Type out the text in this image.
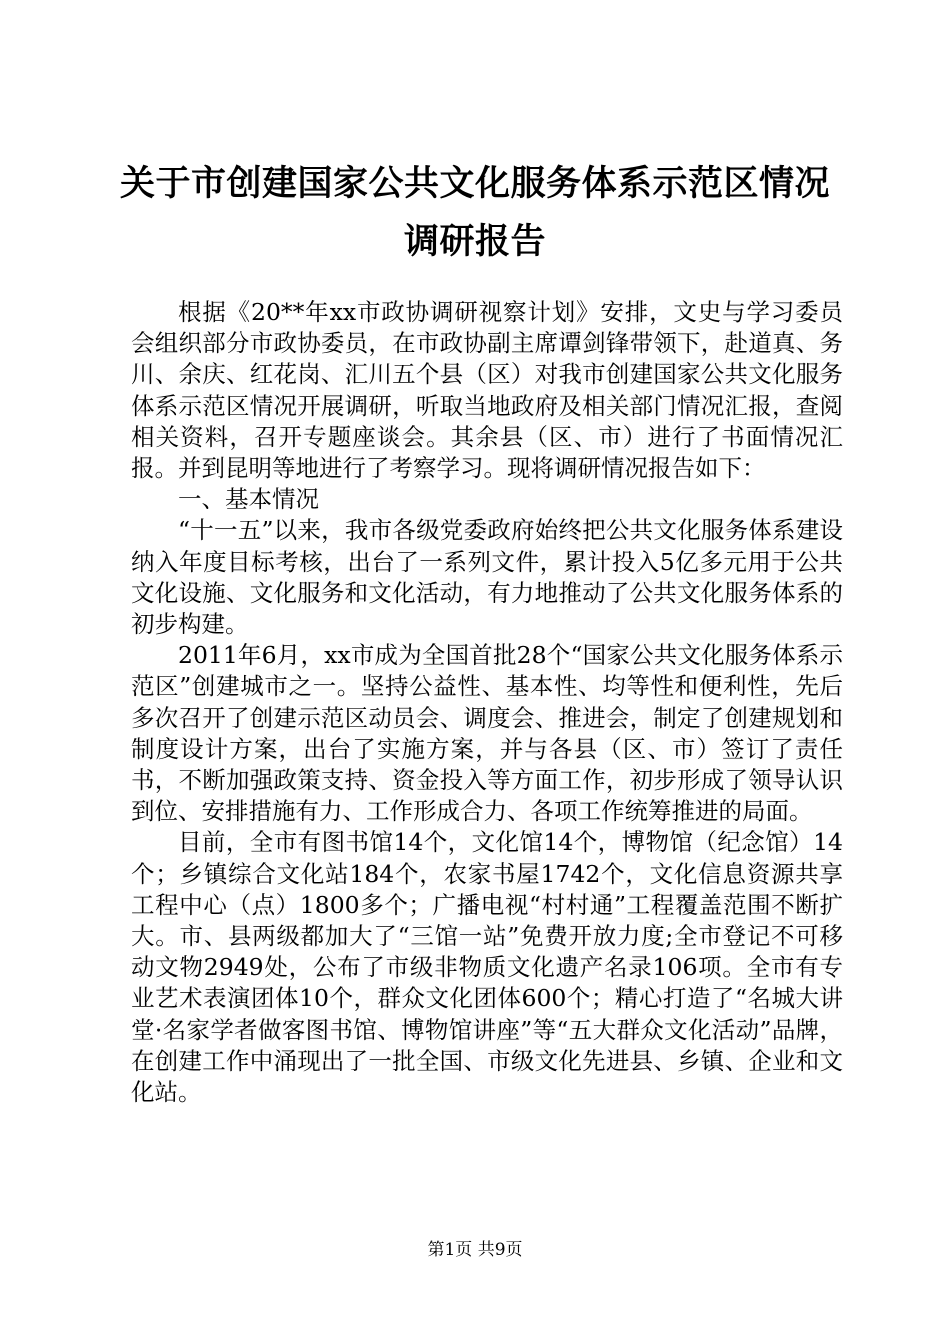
关于市创建国家公共文化服务体系示范区情况
调研报告

根据《20**年xx市政协调研视察计划》安排，文史与学习委员会组织部分市政协委员，在市政协副主席谭剑锋带领下，赴道真、务川、余庆、红花岗、汇川五个县（区）对我市创建国家公共文化服务体系示范区情况开展调研，听取当地政府及相关部门情况汇报，查阅相关资料，召开专题座谈会。其余县（区、市）进行了书面情况汇报。并到昆明等地进行了考察学习。现将调研情况报告如下：

一、基本情况

“十一五”以来，我市各级党委政府始终把公共文化服务体系建设纳入年度目标考核，出台了一系列文件，累计投入5亿多元用于公共文化设施、文化服务和文化活动，有力地推动了公共文化服务体系的初步构建。

2011年6月，xx市成为全国首批28个“国家公共文化服务体系示范区”创建城市之一。坚持公益性、基本性、均等性和便利性，先后多次召开了创建示范区动员会、调度会、推进会，制定了创建规划和制度设计方案，出台了实施方案，并与各县（区、市）签订了责任书，不断加强政策支持、资金投入等方面工作，初步形成了领导认识到位、安排措施有力、工作形成合力、各项工作统筹推进的局面。

目前，全市有图书馆14个，文化馆14个，博物馆（纪念馆）14个；乡镇综合文化站184个，农家书屋1742个，文化信息资源共享工程中心（点）1800多个；广播电视“村村通”工程覆盖范围不断扩大。市、县两级都加大了“三馆一站”免费开放力度;全市登记不可移动文物2949处，公布了市级非物质文化遗产名录106项。全市有专业艺术表演团体10个，群众文化团体600个；精心打造了“名城大讲堂·名家学者做客图书馆、博物馆讲座”等“五大群众文化活动”品牌，在创建工作中涌现出了一批全国、市级文化先进县、乡镇、企业和文化站。

第1页 共9页
